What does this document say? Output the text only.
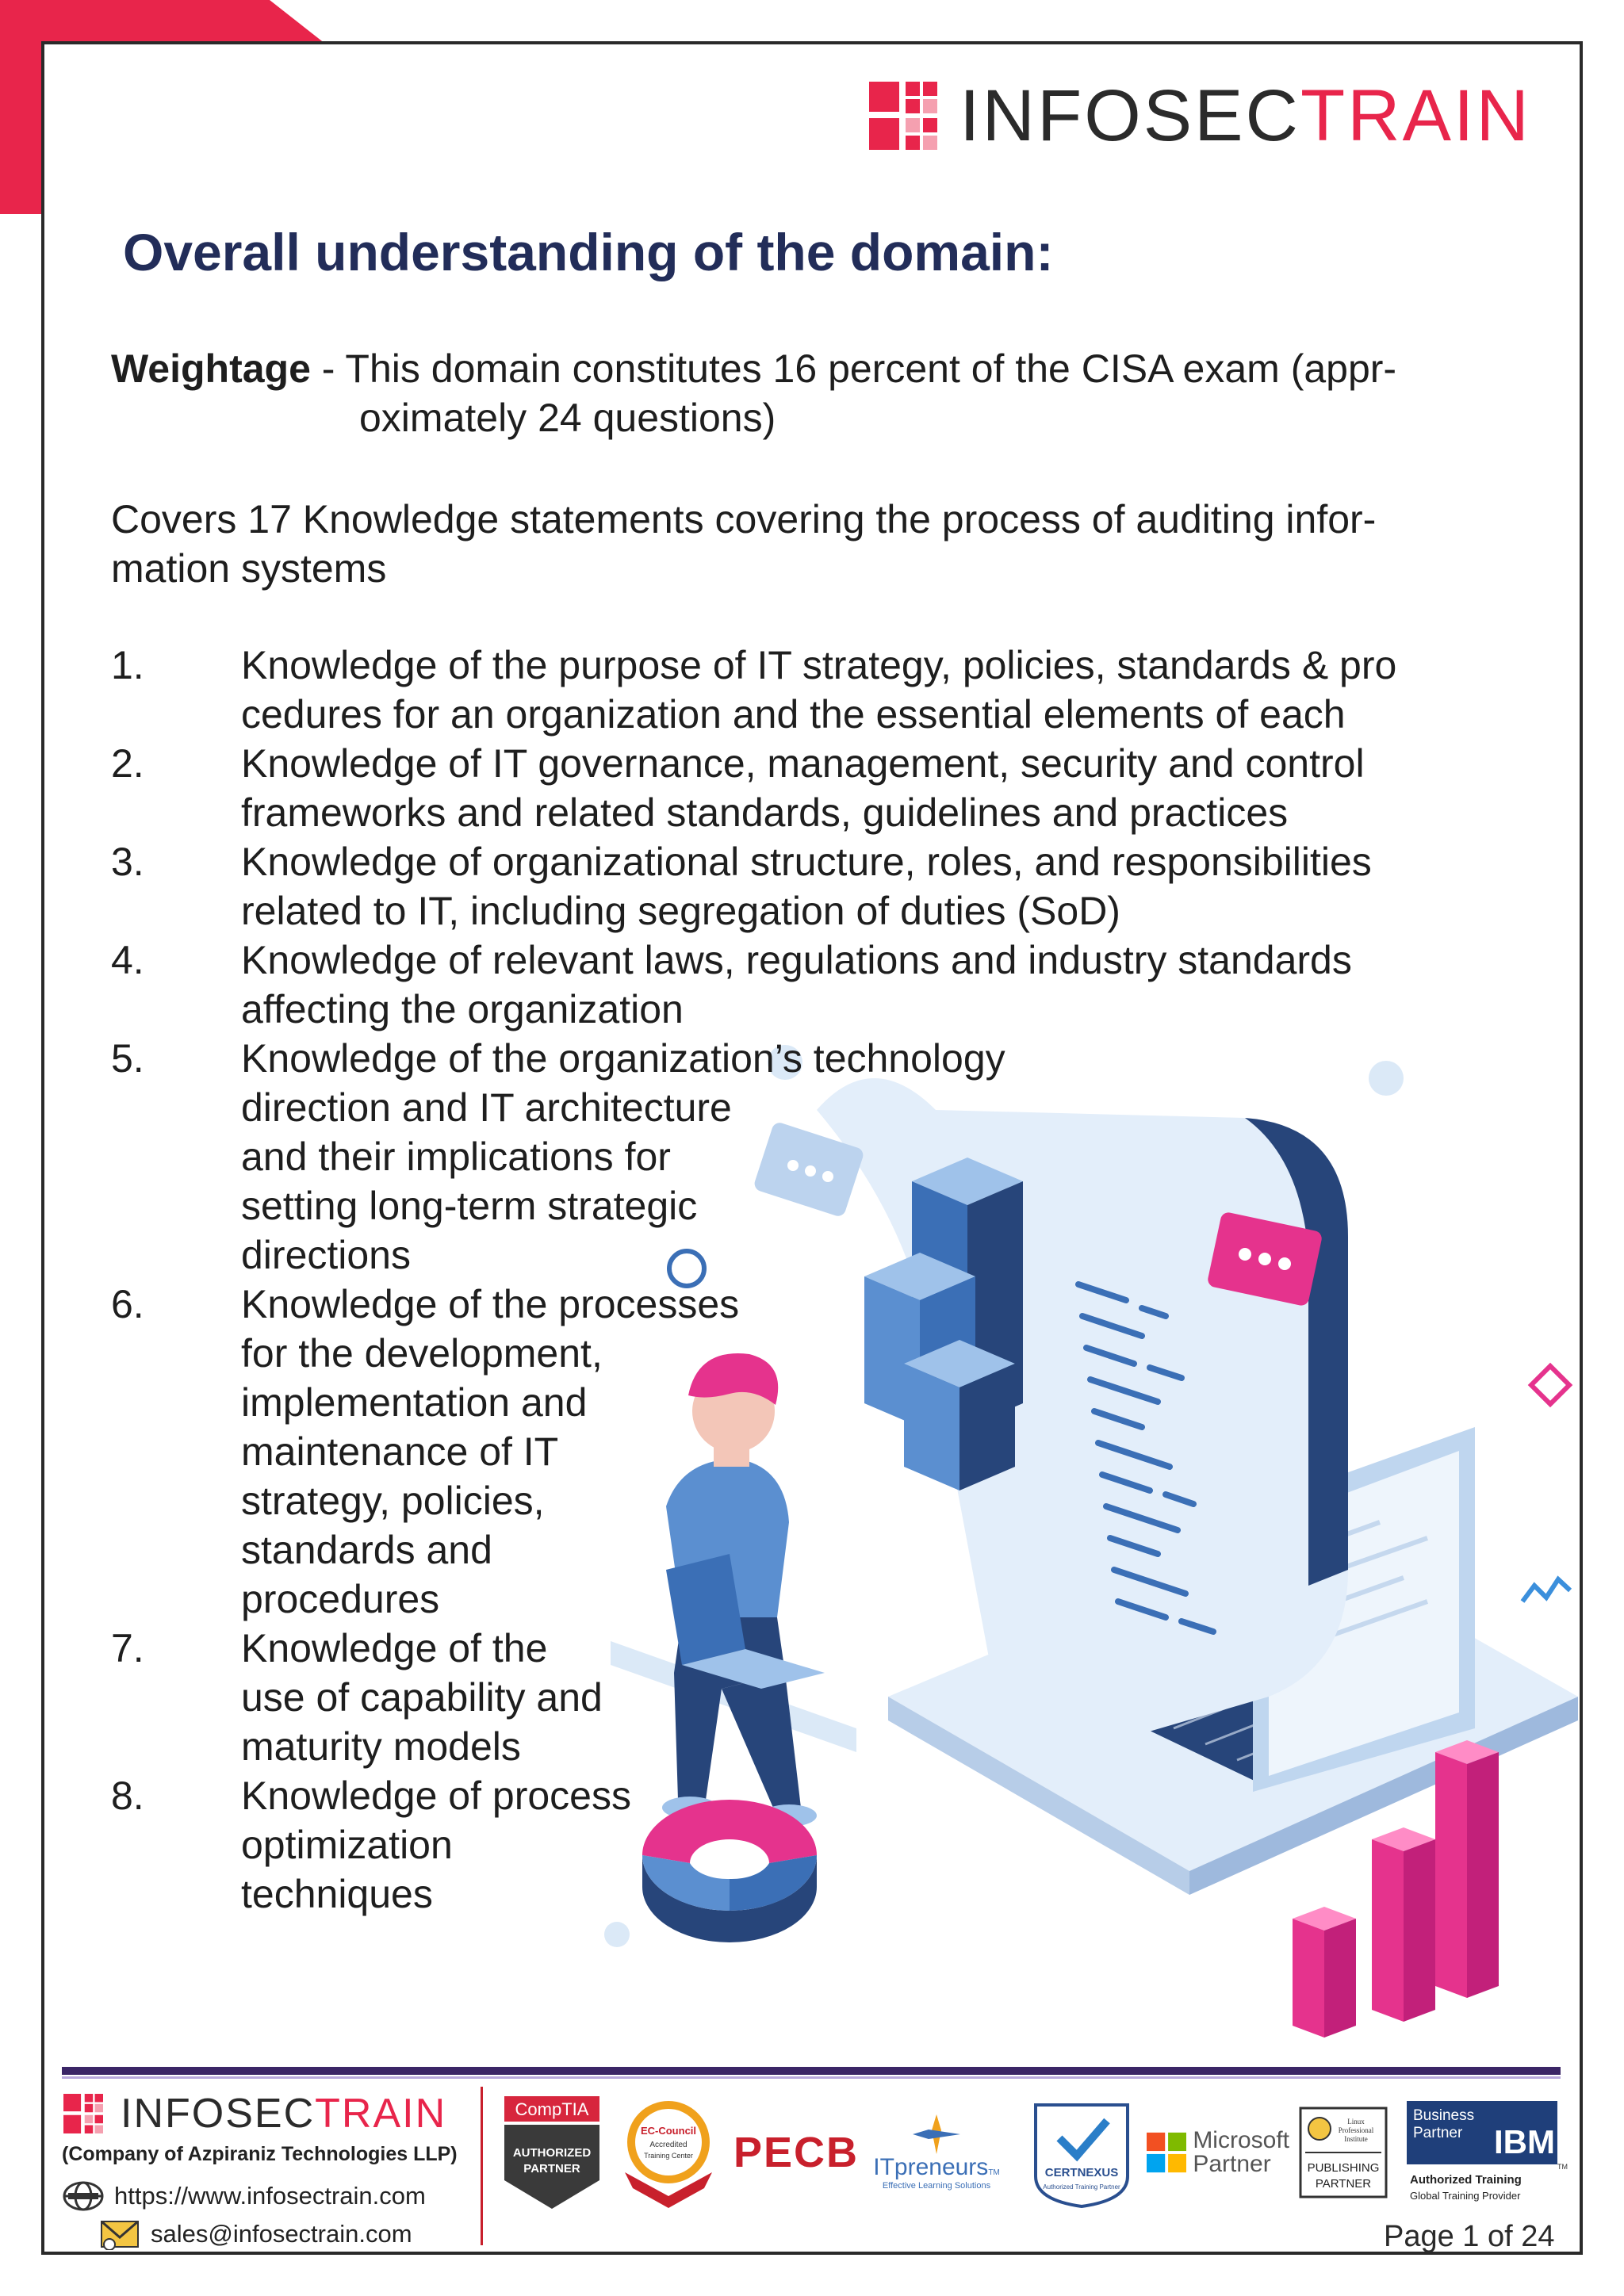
INFOSECTRAIN
Overall understanding of the domain:

Weightage - This domain constitutes 16 percent of the CISA exam (appr-
oximately 24 questions)

Covers 17 Knowledge statements covering the process of auditing infor-
mation systems

1.	Knowledge of the purpose of IT strategy, policies, standards & pro
cedures for an organization and the essential elements of each
2.	Knowledge of IT governance, management, security and control
frameworks and related standards, guidelines and practices
3.	Knowledge of organizational structure, roles, and responsibilities
related to IT, including segregation of duties (SoD)
4.	Knowledge of relevant laws, regulations and industry standards
affecting the organization
5.	Knowledge of the organization’s technology
direction and IT architecture
and their implications for
setting long-term strategic
directions
6.	Knowledge of the processes
for the development,
implementation and
maintenance of IT
strategy, policies,
standards and
procedures
7.	Knowledge of the
use of capability and
maturity models
8.	Knowledge of process
optimization
techniques
INFOSECTRAIN
(Company of Azpiraniz Technologies LLP)
https://www.infosectrain.com
sales@infosectrain.com
CompTIA
AUTHORIZED
PARTNER
EC-Council
Accredited
Training Center PECB ITpreneurs TM
Effective Learning Solutions
CERTNEXUS
Authorized Training Partner
Microsoft
Partner
Linux
Professional
Institute
PUBLISHING
PARTNER
Business
Partner IBM
TM
Authorized Training
Global Training Provider
Page 1 of 24
